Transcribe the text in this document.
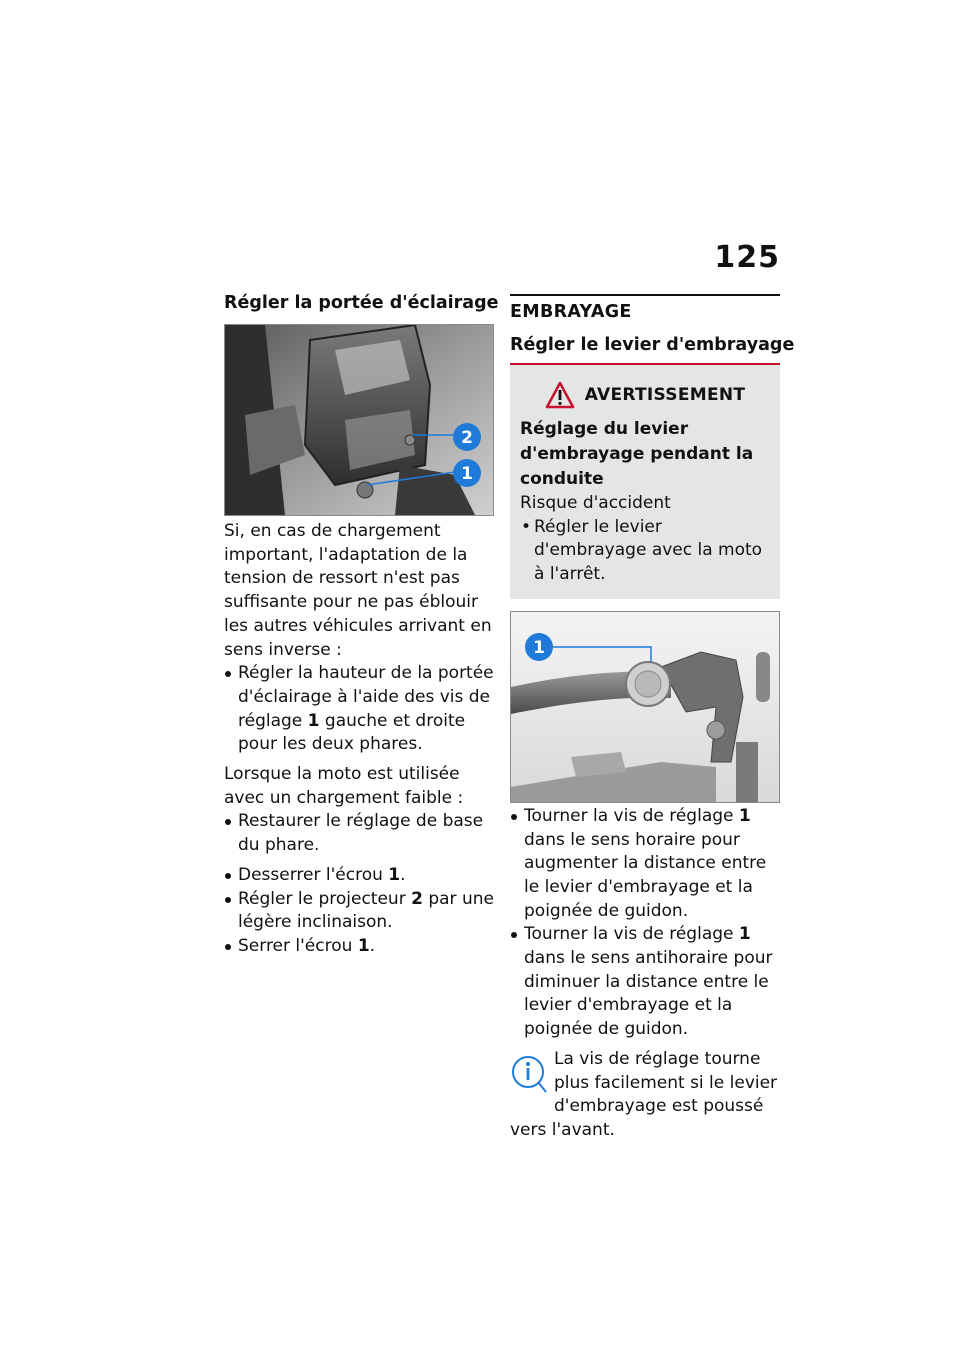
125
Régler la portée d'éclairage
2
1

Si, en cas de chargement important, l'adaptation de la tension de ressort n'est pas suffisante pour ne pas éblouir les autres véhicules arrivant en sens inverse :

Régler la hauteur de la portée d'éclairage à l'aide des vis de réglage 1 gauche et droite pour les deux phares.

Lorsque la moto est utilisée avec un chargement faible :

Restaurer le réglage de base du phare.
Desserrer l'écrou 1.
Régler le projecteur 2 par une légère inclinaison.
Serrer l'écrou 1.
EMBRAYAGE
Régler le levier d'embrayage
AVERTISSEMENT
Réglage du levier d'embrayage pendant la conduite
Risque d'accident
• Régler le levier d'embrayage avec la moto à l'arrêt.
1
Tourner la vis de réglage 1 dans le sens horaire pour augmenter la distance entre le levier d'embrayage et la poignée de guidon.
Tourner la vis de réglage 1 dans le sens antihoraire pour diminuer la distance entre le levier d'embrayage et la poignée de guidon.
La vis de réglage tourne plus facilement si le levier d'embrayage est poussé vers l'avant.
